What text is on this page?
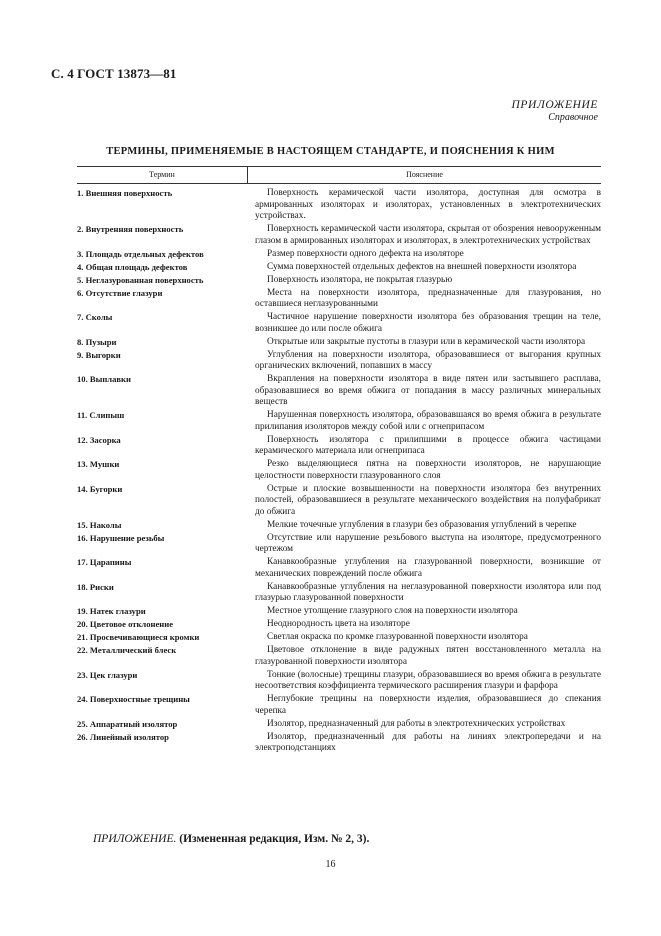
С. 4 ГОСТ 13873—81
ПРИЛОЖЕНИЕ
Справочное
ТЕРМИНЫ, ПРИМЕНЯЕМЫЕ В НАСТОЯЩЕМ СТАНДАРТЕ, И ПОЯСНЕНИЯ К НИМ
Термин	Пояснение
1. Внешняя поверхность	Поверхность керамической части изолятора, доступная для осмотра в армированных изоляторах и изоляторах, установленных в электротехнических устройствах.
2. Внутренняя поверхность	Поверхность керамической части изолятора, скрытая от обозрения невооруженным глазом в армированных изоляторах и изоляторах, в электротехнических устройствах
3. Площадь отдельных дефектов	Размер поверхности одного дефекта на изоляторе
4. Общая площадь дефектов	Сумма поверхностей отдельных дефектов на внешней поверхности изолятора
5. Неглазурованная поверхность	Поверхность изолятора, не покрытая глазурью
6. Отсутствие глазури	Места на поверхности изолятора, предназначенные для глазурования, но оставшиеся неглазурованными
7. Сколы	Частичное нарушение поверхности изолятора без образования трещин на теле, возникшее до или после обжига
8. Пузыри	Открытые или закрытые пустоты в глазури или в керамической части изолятора
9. Выгорки	Углубления на поверхности изолятора, образовавшиеся от выгорания крупных органических включений, попавших в массу
10. Выплавки	Вкрапления на поверхности изолятора в виде пятен или застывшего расплава, образовавшиеся во время обжига от попадания в массу различных минеральных веществ
11. Слипыш	Нарушенная поверхность изолятора, образовавшаяся во время обжига в результате прилипания изоляторов между собой или с огнеприпасом
12. Засорка	Поверхность изолятора с прилипшими в процессе обжига частицами керамического материала или огнеприпаса
13. Мушки	Резко выделяющиеся пятна на поверхности изоляторов, не нарушающие целостности поверхности глазурованного слоя
14. Бугорки	Острые и плоские возвышенности на поверхности изолятора без внутренних полостей, образовавшиеся в результате механического воздействия на полуфабрикат до обжига
15. Наколы	Мелкие точечные углубления в глазури без образования углублений в черепке
16. Нарушение резьбы	Отсутствие или нарушение резьбового выступа на изоляторе, предусмотренного чертежом
17. Царапины	Канавкообразные углубления на глазурованной поверхности, возникшие от механических повреждений после обжига
18. Риски	Канавкообразные углубления на неглазурованной поверхности изолятора или под глазурью глазурованной поверхности
19. Натек глазури	Местное утолщение глазурного слоя на поверхности изолятора
20. Цветовое отклонение	Неоднородность цвета на изоляторе
21. Просвечивающиеся кромки	Светлая окраска по кромке глазурованной поверхности изолятора
22. Металлический блеск	Цветовое отклонение в виде радужных пятен восстановленного металла на глазурованной поверхности изолятора
23. Цек глазури	Тонкие (волосные) трещины глазури, образовавшиеся во время обжига в результате несоответствия коэффициента термического расширения глазури и фарфора
24. Поверхностные трещины	Неглубокие трещины на поверхности изделия, образовавшиеся до спекания черепка
25. Аппаратный изолятор	Изолятор, предназначенный для работы в электротехнических устройствах
26. Линейный изолятор	Изолятор, предназначенный для работы на линиях электропередачи и на электроподстанциях
ПРИЛОЖЕНИЕ. (Измененная редакция, Изм. № 2, 3).
16
